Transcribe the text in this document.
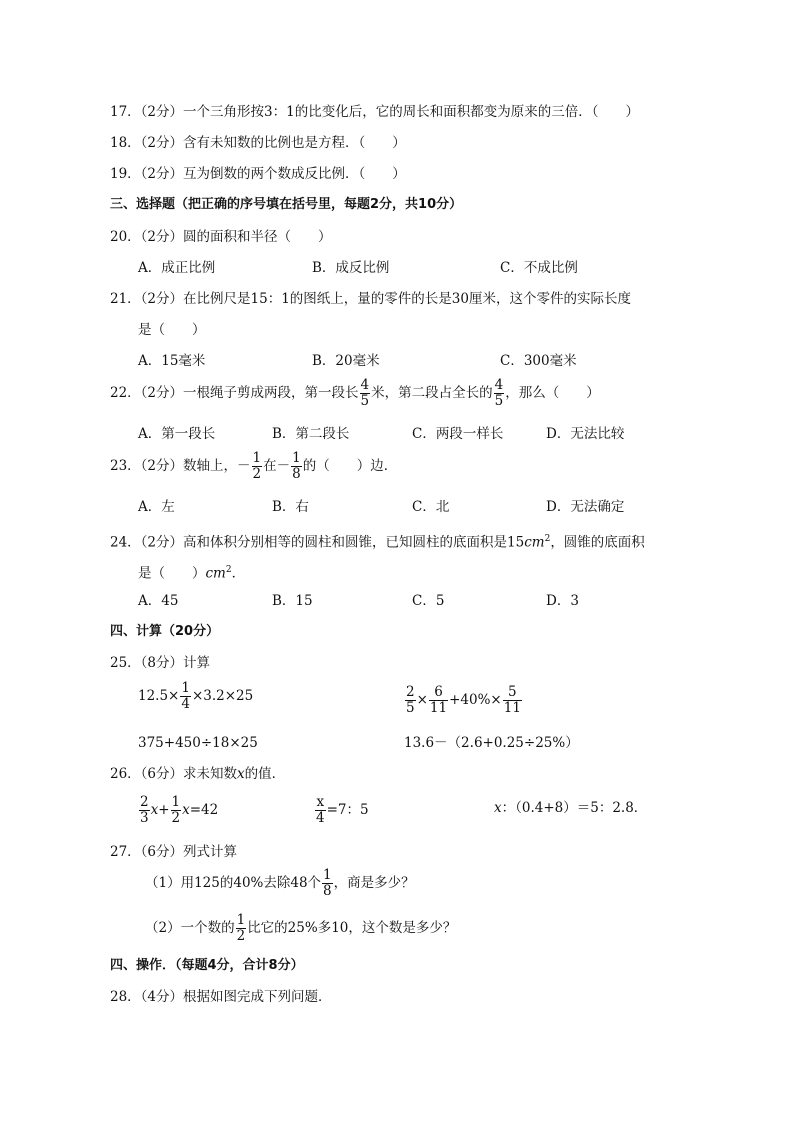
17．（2分）一个三角形按3：1的比变化后，它的周长和面积都变为原来的三倍．（　　）
18．（2分）含有未知数的比例也是方程．（　　）
19．（2分）互为倒数的两个数成反比例．（　　）
三、选择题（把正确的序号填在括号里，每题2分，共10分）
20．（2分）圆的面积和半径（　　）
A．成正比例	B．成反比例	C．不成比例
21．（2分）在比例尺是15：1的图纸上，量的零件的长是30厘米，这个零件的实际长度
是（　　）
A．15毫米	B．20毫米	C．300毫米
22．（2分）一根绳子剪成两段，第一段长 $\frac{4}{5}$ 米，第二段占全长的 $\frac{4}{5}$ ，那么（　　）
A．第一段长	B．第二段长	C．两段一样长	D．无法比较
23．（2分）数轴上，－ $\frac{1}{2}$ 在－ $\frac{1}{8}$ 的（　　）边．
A．左	B．右	C．北	D．无法确定
24．（2分）高和体积分别相等的圆柱和圆锥，已知圆柱的底面积是$15cm^2$，圆锥的底面积
是（　　）$cm^2$．
A．45	B．15	C．5	D．3
四、计算（20分）
25．（8分）计算
$12.5\times \frac{1}{4} \times 3.2\times 25$	$\frac{2}{5} \times \frac{6}{11} +40\%\times \frac{5}{11}$
375+450÷18×25	13.6－（2.6+0.25÷25%）
26．（6分）求未知数x的值．
$\frac{2}{3} x+ \frac{1}{2} x=42$	$\frac{x}{4} =7$：5	x：（0.4+8）＝5：2.8．
27．（6分）列式计算
（1）用125的40%去除48个 $\frac{1}{8}$ ，商是多少？
（2）一个数的 $\frac{1}{2}$ 比它的25%多10，这个数是多少？
四、操作．（每题4分，合计8分）
28．（4分）根据如图完成下列问题．
